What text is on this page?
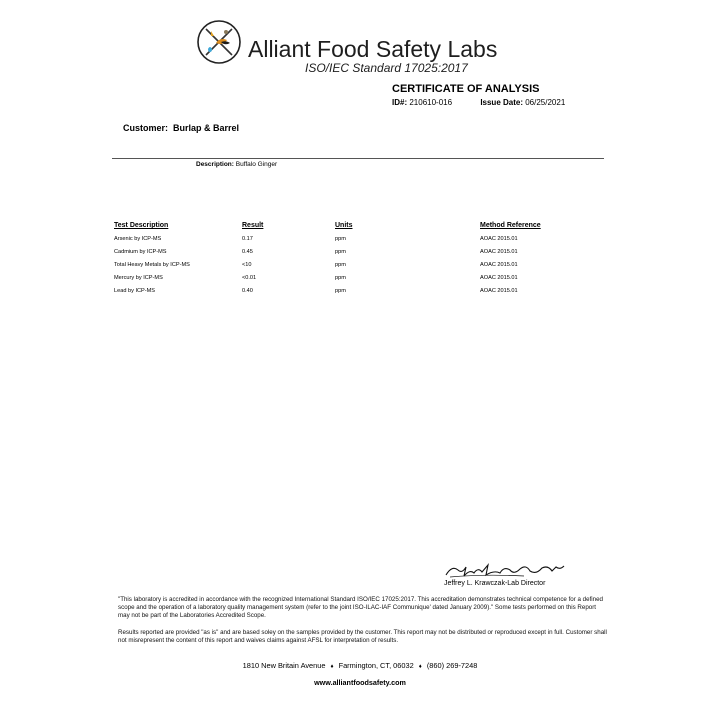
Alliant Food Safety Labs
ISO/IEC Standard 17025:2017
CERTIFICATE OF ANALYSIS
ID#: 210610-016	Issue Date: 06/25/2021
Customer: Burlap & Barrel
Description: Buffalo Ginger
Test Description	Result	Units	Method Reference
Arsenic by ICP-MS	0.17	ppm	AOAC 2015.01
Cadmium by ICP-MS	0.45	ppm	AOAC 2015.01
Total Heavy Metals by ICP-MS	<10	ppm	AOAC 2015.01
Mercury by ICP-MS	<0.01	ppm	AOAC 2015.01
Lead by ICP-MS	0.40	ppm	AOAC 2015.01
Jeffrey L. Krawczak-Lab Director
"This laboratory is accredited in accordance with the recognized International Standard ISO/IEC 17025:2017. This accreditation demonstrates technical competence for a defined scope and the operation of a laboratory quality management system (refer to the joint ISO-ILAC-IAF Communique' dated January 2009)." Some tests performed on this Report may not be part of the Laboratories Accredited Scope.
Results reported are provided "as is" and are based soley on the samples provided by the customer. This report may not be distributed or reproduced except in full. Customer shall not misrepresent the content of this report and waives claims against AFSL for interpretation of results.
1810 New Britain Avenue ♦ Farmington, CT, 06032 ♦ (860) 269-7248
www.alliantfoodsafety.com
